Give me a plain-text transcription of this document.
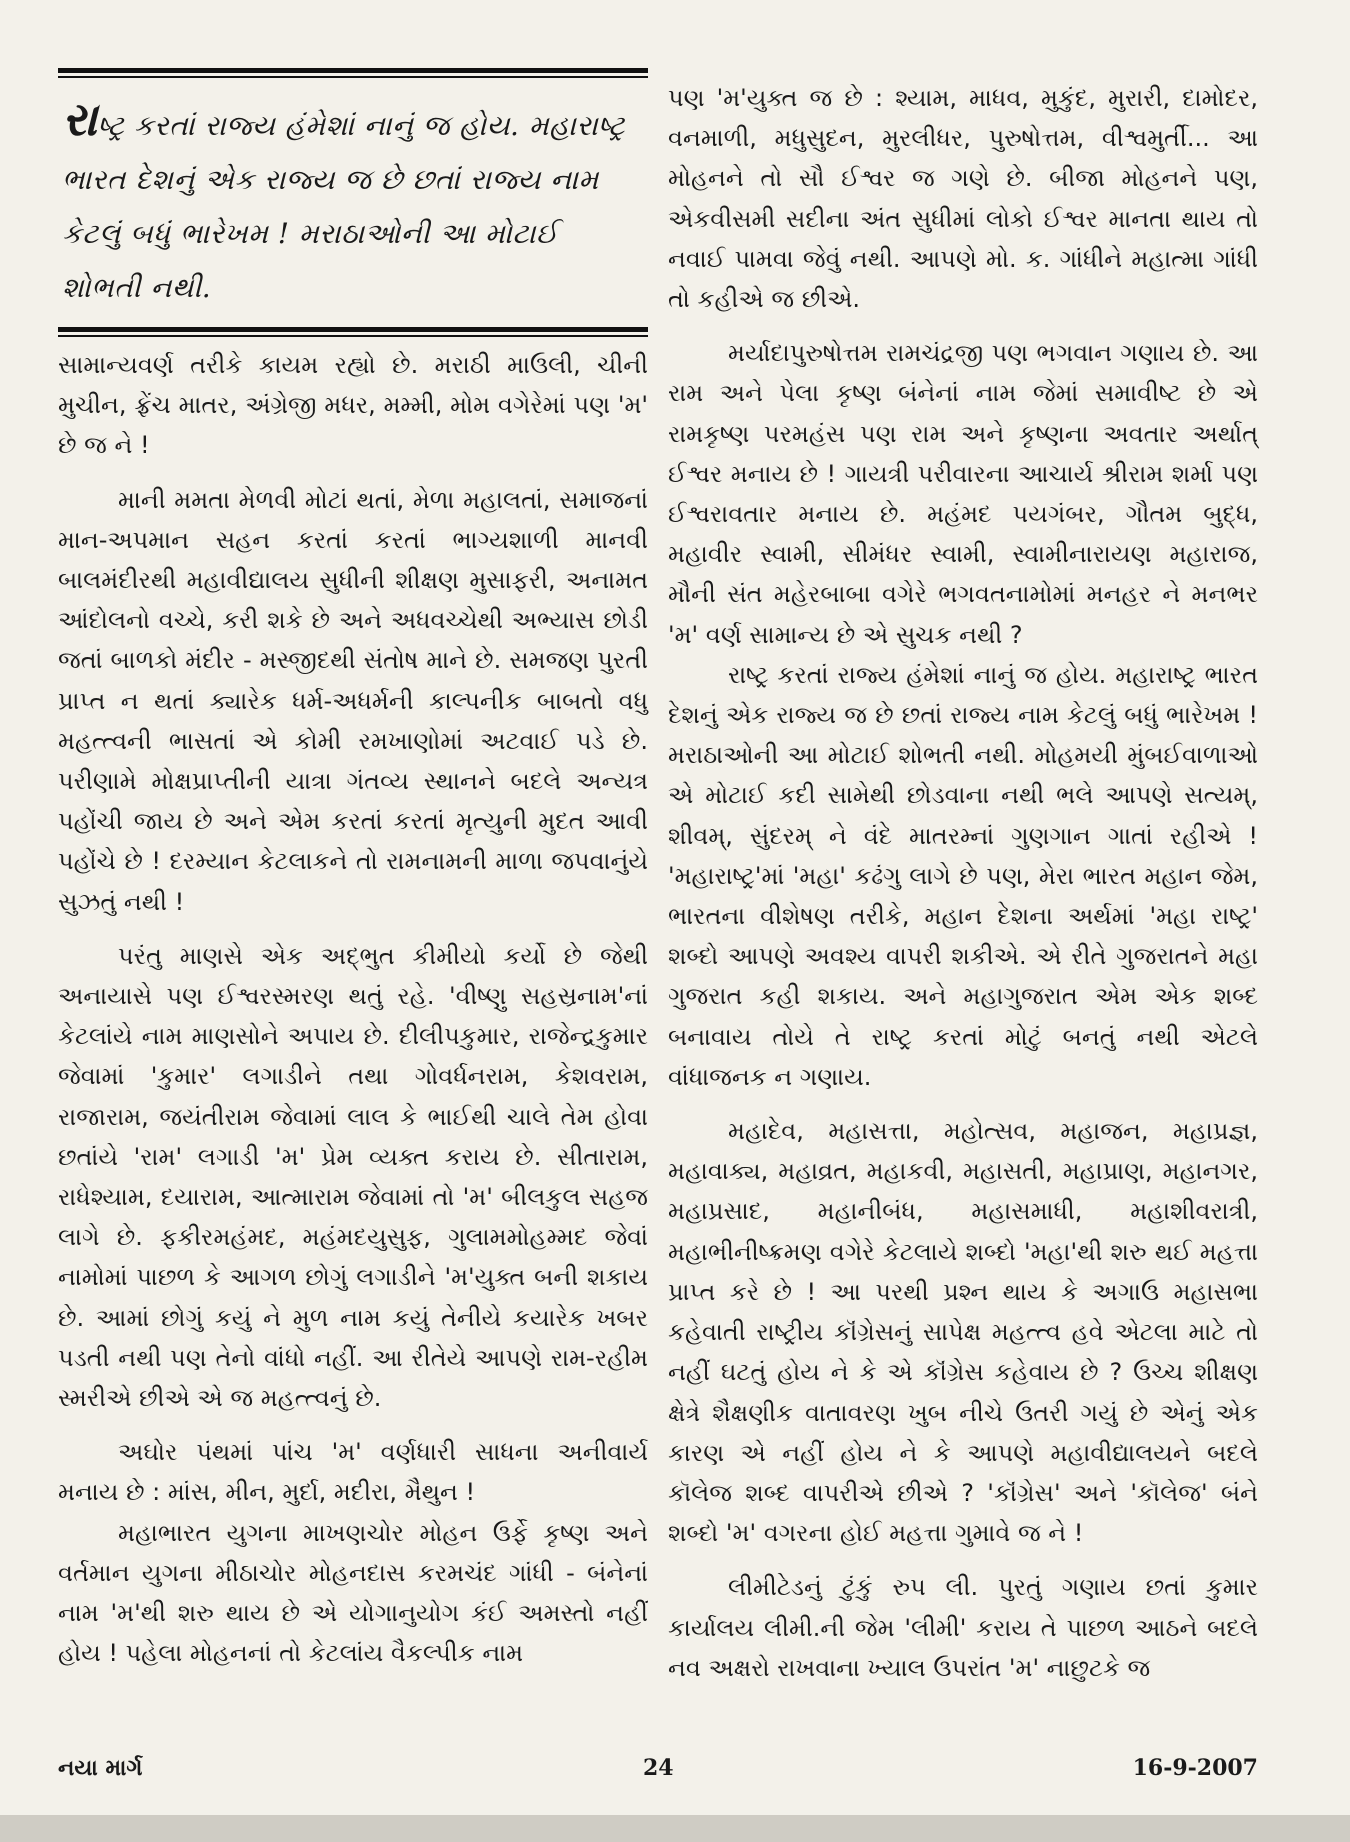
રાષ્ટ્ર કરતાં રાજ્ય હંમેશાં નાનું જ હોય. મહારાષ્ટ્ર ભારત દેશનું એક રાજ્ય જ છે છતાં રાજ્ય નામ કેટલું બધું ભારેખમ ! મરાઠાઓની આ મોટાઈ શોભતી નથી.

સામાન્યવર્ણ તરીકે કાયમ રહ્યો છે. મરાઠી માઉલી, ચીની મુચીન, ફ્રેંચ માતર, અંગ્રેજી મધર, મમ્મી, મોમ વગેરેમાં પણ 'મ' છે જ ને !

માની મમતા મેળવી મોટાં થતાં, મેળા મહાલતાં, સમાજનાં માન-અપમાન સહન કરતાં કરતાં ભાગ્યશાળી માનવી બાલમંદીરથી મહાવીદ્યાલય સુધીની શીક્ષણ મુસાફરી, અનામત આંદોલનો વચ્ચે, કરી શકે છે અને અધવચ્ચેથી અભ્યાસ છોડી જતાં બાળકો મંદીર - મસ્જીદથી સંતોષ માને છે. સમજણ પુરતી પ્રાપ્ત ન થતાં ક્યારેક ધર્મ-અધર્મની કાલ્પનીક બાબતો વધુ મહત્ત્વની ભાસતાં એ કોમી રમખાણોમાં અટવાઈ પડે છે. પરીણામે મોક્ષપ્રાપ્તીની યાત્રા ગંતવ્ય સ્થાનને બદલે અન્યત્ર પહોંચી જાય છે અને એમ કરતાં કરતાં મૃત્યુની મુદત આવી પહોંચે છે ! દરમ્યાન કેટલાકને તો રામનામની માળા જપવાનુંયે સુઝતું નથી !

પરંતુ માણસે એક અદ્ભુત કીમીયો કર્યો છે જેથી અનાયાસે પણ ઈશ્વરસ્મરણ થતું રહે. 'વીષ્ણુ સહસ્રનામ'નાં કેટલાંયે નામ માણસોને અપાય છે. દીલીપકુમાર, રાજેન્દ્રકુમાર જેવામાં 'કુમાર' લગાડીને તથા ગોવર્ધનરામ, કેશવરામ, રાજારામ, જયંતીરામ જેવામાં લાલ કે ભાઈથી ચાલે તેમ હોવા છતાંયે 'રામ' લગાડી 'મ' પ્રેમ વ્યક્ત કરાય છે. સીતારામ, રાધેશ્યામ, દયારામ, આત્મારામ જેવામાં તો 'મ' બીલકુલ સહજ લાગે છે. ફકીરમહંમદ, મહંમદયુસુફ, ગુલામમોહમ્મદ જેવાં નામોમાં પાછળ કે આગળ છોગું લગાડીને 'મ'યુક્ત બની શકાય છે. આમાં છોગું કયું ને મુળ નામ કયું તેનીયે કયારેક ખબર પડતી નથી પણ તેનો વાંધો નહીં. આ રીતેયે આપણે રામ-રહીમ સ્મરીએ છીએ એ જ મહત્ત્વનું છે.

અઘોર પંથમાં પાંચ 'મ' વર્ણધારી સાધના અનીવાર્ય મનાય છે : માંસ, મીન, મુર્દા, મદીરા, મૈથુન !

મહાભારત યુગના માખણચોર મોહન ઉર્ફે કૃષ્ણ અને વર્તમાન યુગના મીઠાચોર મોહનદાસ કરમચંદ ગાંધી - બંનેનાં નામ 'મ'થી શરુ થાય છે એ યોગાનુયોગ કંઈ અમસ્તો નહીં હોય ! પહેલા મોહનનાં તો કેટલાંય વૈકલ્પીક નામ

પણ 'મ'યુક્ત જ છે : શ્યામ, માધવ, મુકુંદ, મુરારી, દામોદર, વનમાળી, મધુસુદન, મુરલીધર, પુરુષોત્તમ, વીશ્વમુર્તી... આ મોહનને તો સૌ ઈશ્વર જ ગણે છે. બીજા મોહનને પણ, એકવીસમી સદીના અંત સુધીમાં લોકો ઈશ્વર માનતા થાય તો નવાઈ પામવા જેવું નથી. આપણે મો. ક. ગાંધીને મહાત્મા ગાંધી તો કહીએ જ છીએ.

મર્યાદાપુરુષોત્તમ રામચંદ્રજી પણ ભગવાન ગણાય છે. આ રામ અને પેલા કૃષ્ણ બંનેનાં નામ જેમાં સમાવીષ્ટ છે એ રામકૃષ્ણ પરમહંસ પણ રામ અને કૃષ્ણના અવતાર અર્થાત્ ઈશ્વર મનાય છે ! ગાયત્રી પરીવારના આચાર્ય શ્રીરામ શર્મા પણ ઈશ્વરાવતાર મનાય છે. મહંમદ પયગંબર, ગૌતમ બુદ્ધ, મહાવીર સ્વામી, સીમંધર સ્વામી, સ્વામીનારાયણ મહારાજ, મૌની સંત મહેરબાબા વગેરે ભગવતનામોમાં મનહર ને મનભર 'મ' વર્ણ સામાન્ય છે એ સુચક નથી ?

રાષ્ટ્ર કરતાં રાજ્ય હંમેશાં નાનું જ હોય. મહારાષ્ટ્ર ભારત દેશનું એક રાજ્ય જ છે છતાં રાજ્ય નામ કેટલું બધું ભારેખમ ! મરાઠાઓની આ મોટાઈ શોભતી નથી. મોહમયી મુંબઈવાળાઓ એ મોટાઈ કદી સામેથી છોડવાના નથી ભલે આપણે સત્યમ્, શીવમ્, સુંદરમ્ ને વંદે માતરમ્નાં ગુણગાન ગાતાં રહીએ ! 'મહારાષ્ટ્ર'માં 'મહા' કઢંગુ લાગે છે પણ, મેરા ભારત મહાન જેમ, ભારતના વીશેષણ તરીકે, મહાન દેશના અર્થમાં 'મહા રાષ્ટ્ર' શબ્દો આપણે અવશ્ય વાપરી શકીએ. એ રીતે ગુજરાતને મહા ગુજરાત કહી શકાય. અને મહાગુજરાત એમ એક શબ્દ બનાવાય તોયે તે રાષ્ટ્ર કરતાં મોટું બનતું નથી એટલે વાંધાજનક ન ગણાય.

મહાદેવ, મહાસત્તા, મહોત્સવ, મહાજન, મહાપ્રજ્ઞ, મહાવાક્ય, મહાવ્રત, મહાકવી, મહાસતી, મહાપ્રાણ, મહાનગર, મહાપ્રસાદ, મહાનીબંધ, મહાસમાધી, મહાશીવરાત્રી, મહાભીનીષ્ક્રમણ વગેરે કેટલાયે શબ્દો 'મહા'થી શરુ થઈ મહત્તા પ્રાપ્ત કરે છે ! આ પરથી પ્રશ્ન થાય કે અગાઉ મહાસભા કહેવાતી રાષ્ટ્રીય કૉંગ્રેસનું સાપેક્ષ મહત્ત્વ હવે એટલા માટે તો નહીં ઘટતું હોય ને કે એ કૉંગ્રેસ કહેવાય છે ? ઉચ્ચ શીક્ષણ ક્ષેત્રે શૈક્ષણીક વાતાવરણ ખુબ નીચે ઉતરી ગયું છે એનું એક કારણ એ નહીં હોય ને કે આપણે મહાવીદ્યાલયને બદલે કૉલેજ શબ્દ વાપરીએ છીએ ? 'કૉંગ્રેસ' અને 'કૉલેજ' બંને શબ્દો 'મ' વગરના હોઈ મહત્તા ગુમાવે જ ને !

લીમીટેડનું ટુંકું રુપ લી. પુરતું ગણાય છતાં કુમાર કાર્યાલય લીમી.ની જેમ 'લીમી' કરાય તે પાછળ આઠને બદલે નવ અક્ષરો રાખવાના ખ્યાલ ઉપરાંત 'મ' નાછુટકે જ

નયા માર્ગ	24	16-9-2007
